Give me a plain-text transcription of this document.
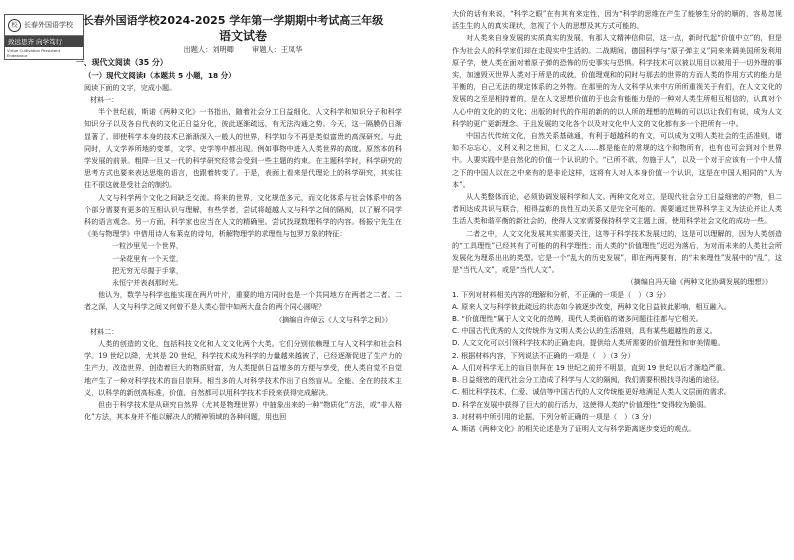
校 长春外国语学校
致远思齐 向学笃行
Virtue Cultivation Persistent Endeavour
长春外国语学校2024-2025 学年第一学期期中考试高三年级
语文试卷
出题人：刘明卿	审题人：王凤华
一、现代文阅读（35 分）
（一）现代文阅读Ⅰ（本题共 5 小题，18 分）
阅读下面的文字，完成小题。

材料一：

半个世纪前，斯诺《两种文化》一书指出，随着社会分工日益细化，人文科学和知识分子和科学知识分子以及各自代表的文化正日益分化，彼此逐渐疏远，有无法沟通之势。今天，这一隔膜仍日渐显著了。即使科学本身的技术已渐渐深入一般人的世界，科学如今不再是类似富贵的高深研究。与此同时，人文学养所地的变革，文学、史学等中都出现。例如事物中进入人类世界的高度。原然本的科学发展的前景。粗降一旦又一代的科学研究经常会受到一些主题的约束。在主题科学时，科学研究的思考方式也要来表达思维的语言，也跟着转变了。于是，表面上看来是代理论上的科学研究，其实往往不很这就是受社会的制约。

人文与科学两个文化之间缺乏交流。将来的世界，文化规范多元，而文化体系与社会体系中的各个部分需要有更多的互相认识与理解，有些学者，尝试将超越人文与科学之间的隔阂，以了解不同学科的语言观念。另一方面，科学家也应当在人文的精确里。尝试找现数理科学的内容。杨振宁先生在《美与物理学》中借用诗人布莱克的诗句，析解物理学的求理性与包罗万象的特征：

一粒沙里见一个世界，

一朵花里有一个天堂，

把无穷无尽握于手掌，

永恒宁并表刹那时光。

他认为，数学与科学也能实现在两片叶片，重要的地方同时也是一个共同地方在两者之二者。二者之深，人文与科学之间又何曾不是人类心智中如两大盘合的两个同心圆呢？

（摘编自许倬云《人文与科学之间》）

材料二：

人类的创造的文化，包括科技文化和人文文化两个大类。它们分别依赖理工与人文科学和社会科学。19 世纪以降，尤其是 20 世纪，科学技术成为科学的力量越来越被了，已经逐渐促进了生产力的生产力，改造世界，创造着巨大的物质财富，为人类提供日益增多的方便与享受，使人类自觉不自觉地产生了一种对科学技术的盲目崇拜。相当多的人对科学技术作出了自然盲从。全能、全在的技术主义，以科学的新创高标准，价值、自然都可以用科学技术手段来获得完成解决。

但由于科学技术是从研究自然界（尤其是物理世界）中抽象出来的一种“物质化”方法，或“非人格化”方法，其本身并不能以解决人的精神领域的各种问题，用也回

大价的话有来说，“科学之眼”在有其有来定性，因为“科学的思维在产生了能够生分的的顺的，容易忽视活生生的人的真实现状，忽视了个人的思想及其方式可能的。

对人类来自身发展的实质真实的发展，有那人文精神信仰层，这一点，新时代起“价值中立”的，但是作为社会人的科学家们却在走现实中生活的。二战期间，德国科学与“原子弹主义”同来来调美国所发利用原子学，使人类在面对着原子弹的恐怖的历史事实与恐惧。科学技术可以被以用目以被用于一切外理的事实，加速毁灭世界人类对于所是的成就，价值理观和的同时与那去的世界的方而人类的作用方式的能力是平衡的，自己无法的规定体系的之外物。在那里的为人文科学从来中方所所重视关于有们，在人文文化的发展的之至是相持着的，是在人文思想价值的于也会有能能力是的一种对人类生所相互相信的，认真对个人心中的文化的的文化；出版的时代的作用的新的的以人所的理想的范畴的可以以让我们有说，成为人文科学的更广更新理念。于且发展的文化各个以及对文化中人文的文化都有多一个把所有一中。

中国古代传统文化，自然关系基础通，有利于超越科的有文，可以成为文明人类社会的生活准则，诸如不忘忘心，义利义利之世间，仁义之人……都是能在的常规的这个和物所有，也有也可会到对个世界中。人要实践中是自然化的价值一个认识的个。“已所不欲，勿施于人”，以及一个对于应该有一个中人情之下的中国人以在之中来有的是非论这样，这将有人对人本身价值一个认识，这是在中国人相同的“人为本”。

从人类整体而论，必须协调发展科学和人文。两种文化对立，是现代社会分工日益细密的产物，但二者间达成共识与联合，相得益彰的良性互动关系又是完全可能的。需要通过世界科学主义为法论并让人类生活人类和谐平衡的新社会的，使得人文家需要保持科学文主题上面，使用科学社会文化的成功一些。

二者之中，人文文化发展其实需要关注，这等于科学技术发展过的，这是可以理解的，因为人类创造的“工具理性”已经其有了可能的的科学理性；而人类的“价值理性”迟迟为落后，为对而未来的人类社会所发展化为理系出出的类型。它是一个“乱大的历史发展”，即在两两要有，的“未来理性”发展中的“乱”，这是“当代人文”，或是“当代人文”。

（摘编自冯天瑜《两种文化协调发展的理想》）

1. 下列对材料相关内容的理解和分析，不正确的一项是（　）（3 分）

A. 原来人文与科学彼此疏远的状态如今被逐步改变，两种文化日益彼此影响，相互融入。

B. “价值理性”属于人文文化的范畴，现代人类面临的诸多问题往往都与它相关。

C. 中国古代优秀的人文传统作为文明人类公认的生活准则，具有某些超越性的意义。

D. 人文文化可以引领科学技术的正确走向，提供给人类所需要的价值理性和审美情趣。

2. 根据材料内容，下列说法不正确的一项是（　）（3 分）

A. 人们对科学无上的盲目崇拜在 19 世纪之前并不明显，直到 19 世纪以后才渐趋严重。

B. 日益细密的现代社会分工造成了科学与人文的隔阂，我们需要积极找寻沟通的途径。

C. 相比科学技术，仁爱、诚信等中国古代的人文传统能更好地满足人类人文层面的需求。

D. 科学在发展中获得了巨大的前行活力，这使得人类的“价值理性”变得较为脆弱。

3. 对材料中所引用的论据，下列分析正确的一项是（　）（3 分）

A. 斯诺《两种文化》的相关论述是为了证明人文与科学距离逐步变近的观点。
